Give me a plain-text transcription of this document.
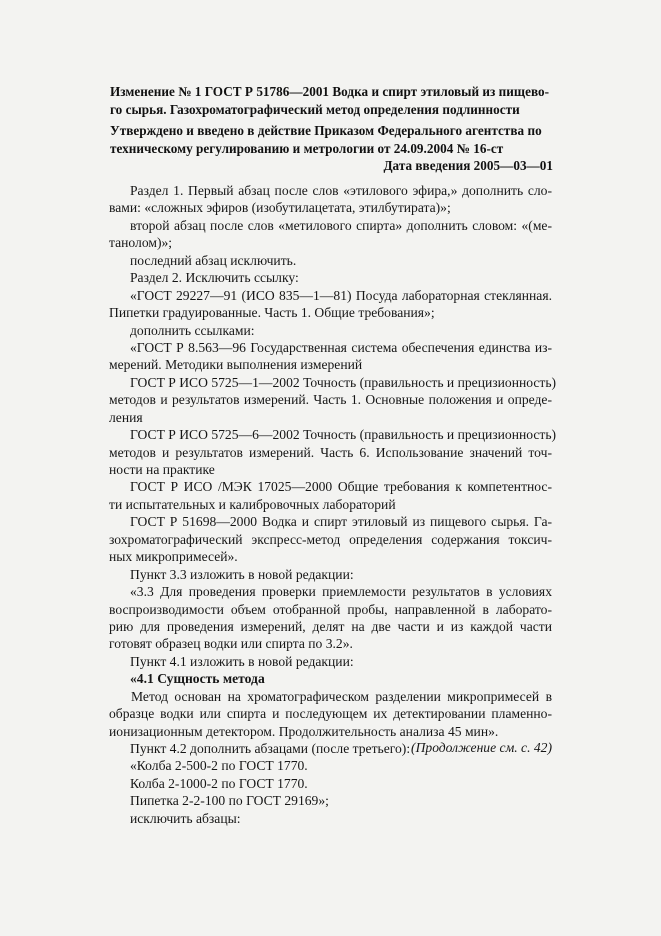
Изменение № 1 ГОСТ Р 51786—2001 Водка и спирт этиловый из пищево-
го сырья. Газохроматографический метод определения подлинности
Утверждено и введено в действие Приказом Федерального агентства по
техническому регулированию и метрологии от 24.09.2004 № 16-ст
Дата введения 2005—03—01
Раздел 1. Первый абзац после слов «этилового эфира,» дополнить сло-
вами: «сложных эфиров (изобутилацетата, этилбутирата)»;
второй абзац после слов «метилового спирта» дополнить словом: «(ме-
танолом)»;
последний абзац исключить.
Раздел 2. Исключить ссылку:
«ГОСТ 29227—91 (ИСО 835—1—81) Посуда лабораторная стеклянная.
Пипетки градуированные. Часть 1. Общие требования»;
дополнить ссылками:
«ГОСТ Р 8.563—96 Государственная система обеспечения единства из-
мерений. Методики выполнения измерений
ГОСТ Р ИСО 5725—1—2002 Точность (правильность и прецизионность)
методов и результатов измерений. Часть 1. Основные положения и опреде-
ления
ГОСТ Р ИСО 5725—6—2002 Точность (правильность и прецизионность)
методов и результатов измерений. Часть 6. Использование значений точ-
ности на практике
ГОСТ Р ИСО /МЭК 17025—2000 Общие требования к компетентнос-
ти испытательных и калибровочных лабораторий
ГОСТ Р 51698—2000 Водка и спирт этиловый из пищевого сырья. Га-
зохроматографический экспресс-метод определения содержания токсич-
ных микропримесей».
Пункт 3.3 изложить в новой редакции:
«3.3 Для проведения проверки приемлемости результатов в условиях
воспроизводимости объем отобранной пробы, направленной в лаборато-
рию для проведения измерений, делят на две части и из каждой части
готовят образец водки или спирта по 3.2».
Пункт 4.1 изложить в новой редакции:
«4.1 Сущность метода
Метод основан на хроматографическом разделении микропримесей в
образце водки или спирта и последующем их детектировании пламенно-
ионизационным детектором. Продолжительность анализа 45 мин».
Пункт 4.2 дополнить абзацами (после третьего):
«Колба 2-500-2 по ГОСТ 1770.
Колба 2-1000-2 по ГОСТ 1770.
Пипетка 2-2-100 по ГОСТ 29169»;
исключить абзацы:
(Продолжение см. с. 42)
